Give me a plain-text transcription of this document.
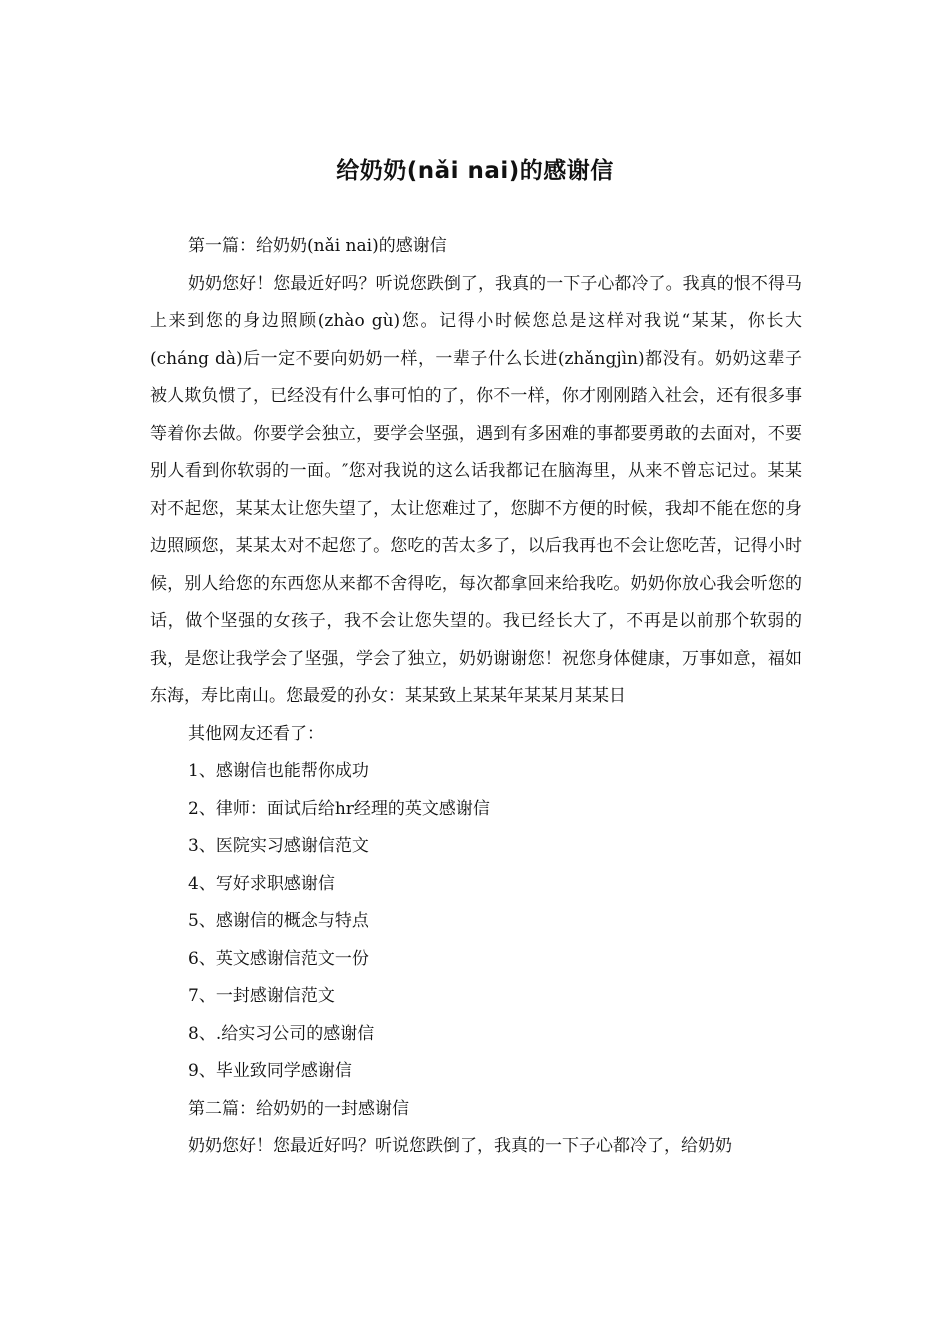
给奶奶(nǎi nai)的感谢信
第一篇：给奶奶(nǎi nai)的感谢信
奶奶您好！您最近好吗？听说您跌倒了，我真的一下子心都冷了。我真的恨不得马上来到您的身边照顾(zhào gù)您。记得小时候您总是这样对我说“某某，你长大(cháng dà)后一定不要向奶奶一样，一辈子什么长进(zhǎngjìn)都没有。奶奶这辈子被人欺负惯了，已经没有什么事可怕的了，你不一样，你才刚刚踏入社会，还有很多事等着你去做。你要学会独立，要学会坚强，遇到有多困难的事都要勇敢的去面对，不要别人看到你软弱的一面。″您对我说的这么话我都记在脑海里，从来不曾忘记过。某某对不起您，某某太让您失望了，太让您难过了，您脚不方便的时候，我却不能在您的身边照顾您，某某太对不起您了。您吃的苦太多了，以后我再也不会让您吃苦，记得小时候，别人给您的东西您从来都不舍得吃，每次都拿回来给我吃。奶奶你放心我会听您的话，做个坚强的女孩子，我不会让您失望的。我已经长大了，不再是以前那个软弱的我，是您让我学会了坚强，学会了独立，奶奶谢谢您！祝您身体健康，万事如意，福如东海，寿比南山。您最爱的孙女：某某致上某某年某某月某某日
其他网友还看了：
1、感谢信也能帮你成功
2、律师：面试后给hr经理的英文感谢信
3、医院实习感谢信范文
4、写好求职感谢信
5、感谢信的概念与特点
6、英文感谢信范文一份
7、一封感谢信范文
8、.给实习公司的感谢信
9、毕业致同学感谢信
第二篇：给奶奶的一封感谢信
奶奶您好！您最近好吗？听说您跌倒了，我真的一下子心都冷了，给奶奶
